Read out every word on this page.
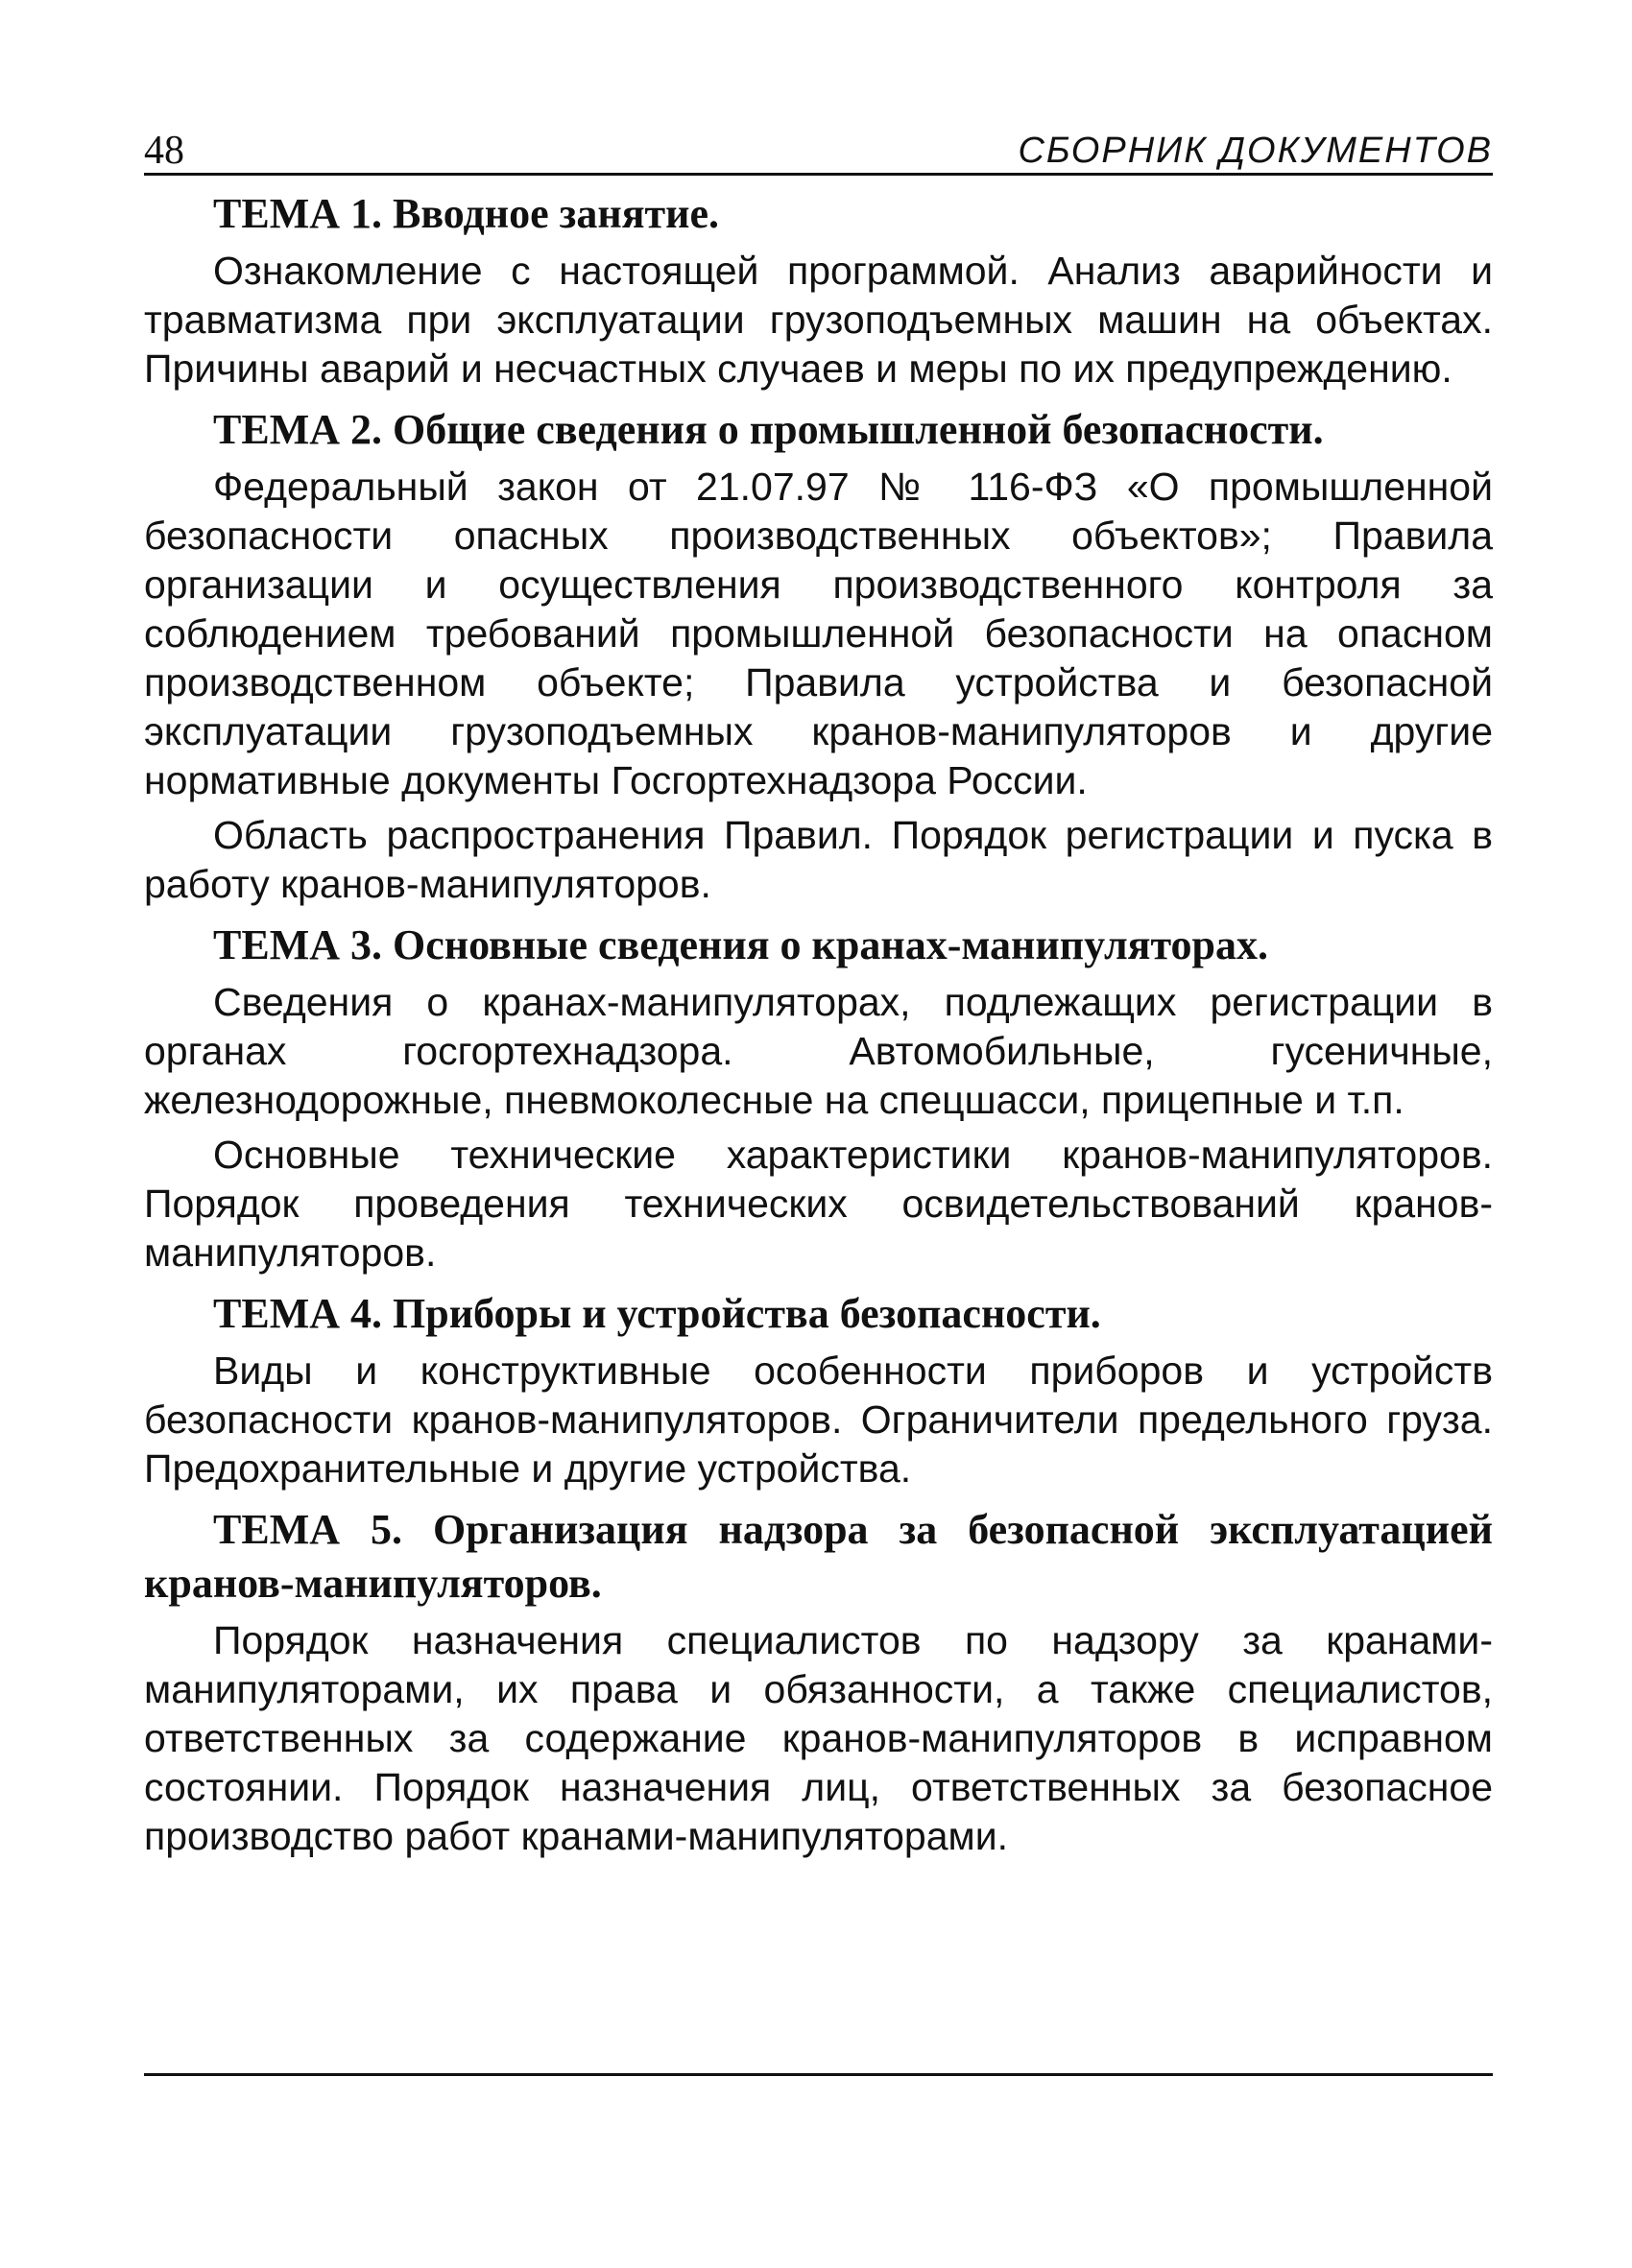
48	СБОРНИК ДОКУМЕНТОВ
ТЕМА 1. Вводное занятие.

Ознакомление с настоящей программой. Анализ аварийности и травматизма при эксплуатации грузоподъемных машин на объектах. Причины аварий и несчастных случаев и меры по их предупреждению.

ТЕМА 2. Общие сведения о промышленной безопасности.

Федеральный закон от 21.07.97 № 116-ФЗ «О промышленной безопасности опасных производственных объектов»; Правила организации и осуществления производственного контроля за соблюдением требований промышленной безопасности на опасном производственном объекте; Правила устройства и безопасной эксплуатации грузоподъемных кранов-манипуляторов и другие нормативные документы Госгортехнадзора России.

Область распространения Правил. Порядок регистрации и пуска в работу кранов-манипуляторов.

ТЕМА 3. Основные сведения о кранах-манипуляторах.

Сведения о кранах-манипуляторах, подлежащих регистрации в органах госгортехнадзора. Автомобильные, гусеничные, железнодорожные, пневмоколесные на спецшасси, прицепные и т.п.

Основные технические характеристики кранов-манипуляторов. Порядок проведения технических освидетельствований кранов-манипуляторов.

ТЕМА 4. Приборы и устройства безопасности.

Виды и конструктивные особенности приборов и устройств безопасности кранов-манипуляторов. Ограничители предельного груза. Предохранительные и другие устройства.

ТЕМА 5. Организация надзора за безопасной эксплуатацией кранов-манипуляторов.

Порядок назначения специалистов по надзору за кранами-манипуляторами, их права и обязанности, а также специалистов, ответственных за содержание кранов-манипуляторов в исправном состоянии. Порядок назначения лиц, ответственных за безопасное производство работ кранами-манипуляторами.
